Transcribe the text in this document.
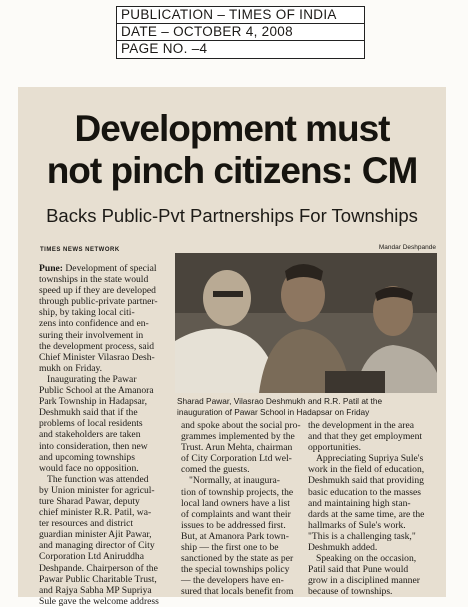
PUBLICATION – TIMES OF INDIA
DATE – OCTOBER 4, 2008
PAGE NO. –4
Development must
not pinch citizens: CM
Backs Public-Pvt Partnerships For Townships
TIMES NEWS NETWORK	Mandar Deshpande
Sharad Pawar, Vilasrao Deshmukh and R.R. Patil at the
inauguration of Pawar School in Hadapsar on Friday

Pune: Development of special
townships in the state would
speed up if they are developed
through public-private partner-
ship, by taking local citi-
zens into confidence and en-
suring their involvement in
the development process, said
Chief Minister Vilasrao Desh-
mukh on Friday.

Inaugurating the Pawar
Public School at the Amanora
Park Township in Hadapsar,
Deshmukh said that if the
problems of local residents
and stakeholders are taken
into consideration, then new
and upcoming townships
would face no opposition.

The function was attended
by Union minister for agricul-
ture Sharad Pawar, deputy
chief minister R.R. Patil, wa-
ter resources and district
guardian minister Ajit Pawar,
and managing director of City
Corporation Ltd Aniruddha
Deshpande. Chairperson of the
Pawar Public Charitable Trust,
and Rajya Sabha MP Supriya
Sule gave the welcome address

and spoke about the social pro-
grammes implemented by the
Trust. Arun Mehta, chairman
of City Corporation Ltd wel-
comed the guests.

"Normally, at inaugura-
tion of township projects, the
local land owners have a list
of complaints and want their
issues to be addressed first.
But, at Amanora Park town-
ship — the first one to be
sanctioned by the state as per
the special townships policy
— the developers have en-
sured that locals benefit from

the development in the area
and that they get employment
opportunities.

Appreciating Supriya Sule's
work in the field of education,
Deshmukh said that providing
basic education to the masses
and maintaining high stan-
dards at the same time, are the
hallmarks of Sule's work.
"This is a challenging task,"
Deshmukh added.

Speaking on the occasion,
Patil said that Pune would
grow in a disciplined manner
because of townships.
